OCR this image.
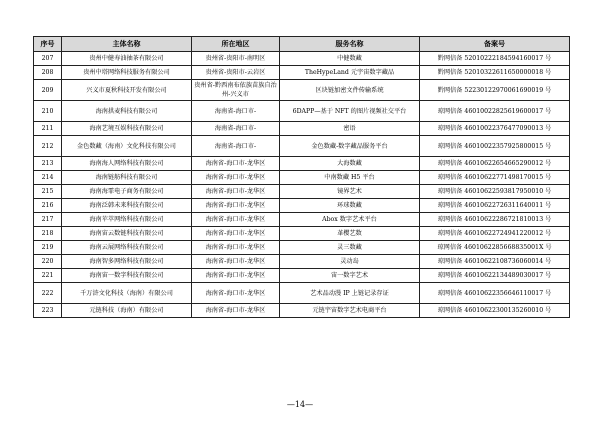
序号	主体名称	所在地区	服务名称	备案号
207	贵州中健寿油抽茶有限公司	贵州省-贵阳市-南明区	中健数藏	黔网信备 52010222184594160017 号
208	贵州中塔网络科技服务有限公司	贵州省-贵阳市-云岩区	TheHypeLand 元宇宙数字藏品	黔网信备 52010322611650000018 号
209	兴义市夏秋科技开发有限公司	贵州省-黔西南布依族苗族自治州-兴义市	区块链加密文件传输系统	黔网信备 52230122970061690019 号
210	海南拱麦科技有限公司	海南省-海口市-	6DAPP—基于 NFT 的图片视频社交平台	琼网信备 46010022825619600017 号
211	海南艺境互娱科技有限公司	海南省-海口市-	密语	琼网信备 46010022376477090013 号
212	金色数藏（海南）文化科技有限公司	海南省-海口市-	金色数藏-数字藏品服务平台	琼网信备 46010022357925800015 号
213	海南海人网络科技有限公司	海南省-海口市-龙华区	大海数藏	琼网信备 46010622654665290012 号
214	海南链舫科技有限公司	海南省-海口市-龙华区	中南数藏 H5 平台	琼网信备 46010622771498170015 号
215	海南海霏电子商务有限公司	海南省-海口市-龙华区	镜界艺术	琼网信备 46010622593817950010 号
216	海南泛韩未来科技有限公司	海南省-海口市-龙华区	环球数藏	琼网信备 46010622726311640011 号
217	海南苹萃网络科技有限公司	海南省-海口市-龙华区	Abox 数字艺术平台	琼网信备 46010622286721810013 号
218	海南宙云数链科技有限公司	海南省-海口市-龙华区	革樱艺数	琼网信备 46010622724941220012 号
219	海南云展网络科技有限公司	海南省-海口市-龙华区	灵三数藏	琼网信备 4601062285668835001X 号
220	海南智多网络科技有限公司	海南省-海口市-龙华区	灵动岛	琼网信备 46010622108736060014 号
221	海南宙一数字科技有限公司	海南省-海口市-龙华区	宙一数字艺术	琼网信备 46010622134489030017 号
222	千万浒文化科技（海南）有限公司	海南省-海口市-龙华区	艺术品动漫 IP 上链记录存证	琼网信备 46010622356646110017 号
223	元链科技（海南）有限公司	海南省-海口市-龙华区	元链宇宙数字艺术电商平台	琼网信备 46010622300135260010 号
—14—
